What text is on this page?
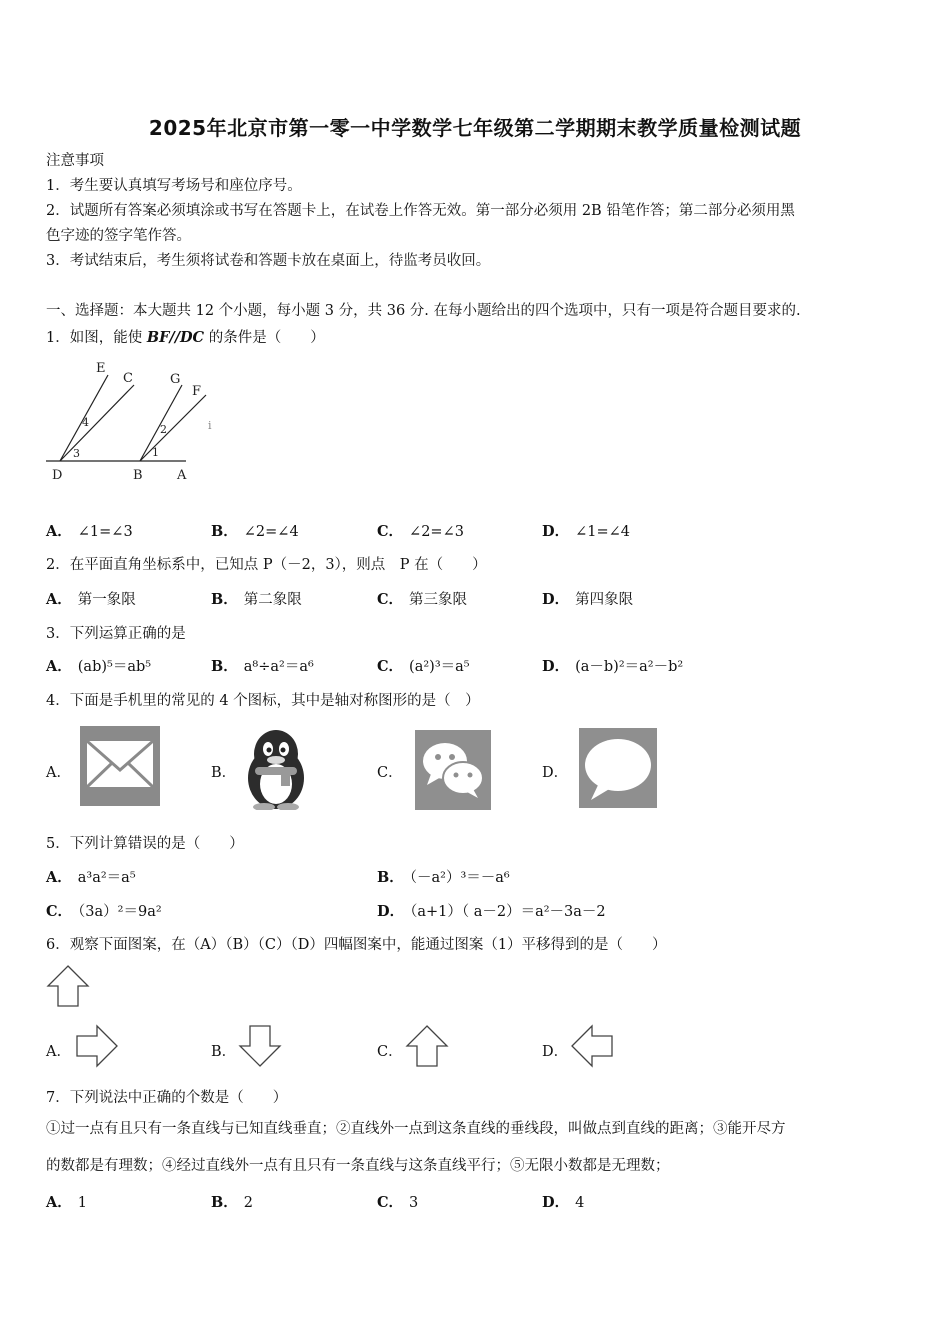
2025年北京市第一零一中学数学七年级第二学期期末教学质量检测试题
注意事项
1．考生要认真填写考场号和座位序号。
2．试题所有答案必须填涂或书写在答题卡上，在试卷上作答无效。第一部分必须用 2B 铅笔作答；第二部分必须用黑
色字迹的签字笔作答。
3．考试结束后，考生须将试卷和答题卡放在桌面上，待监考员收回。
一、选择题：本大题共 12 个小题，每小题 3 分，共 36 分. 在每小题给出的四个选项中，只有一项是符合题目要求的.
1．如图，能使 BF//DC 的条件是（　　）
E
C	G
F
4
2
3	1
D	B	A
i
A． ∠1=∠3	B． ∠2=∠4	C． ∠2=∠3	D． ∠1=∠4
2．在平面直角坐标系中，已知点 P（－2，3），则点　P 在（　　）
A． 第一象限	B． 第二象限	C． 第三象限	D． 第四象限
3．下列运算正确的是
A． (ab)⁵＝ab⁵	B． a⁸÷a²＝a⁶	C． (a²)³＝a⁵	D． (a－b)²＝a²－b²
4．下面是手机里的常见的 4 个图标，其中是轴对称图形的是（　）
A．	B．	C．	D．
5．下列计算错误的是（　　）
A． a³a²＝a⁵	B． （－a²）³＝－a⁶
C． （3a）²＝9a²	D． （a+1）（ a－2）＝a²－3a－2
6．观察下面图案，在（A）（B）（C）（D）四幅图案中，能通过图案（1）平移得到的是（　　）
A．	B．	C．	D．
7．下列说法中正确的个数是（　　）
①过一点有且只有一条直线与已知直线垂直；②直线外一点到这条直线的垂线段，叫做点到直线的距离；③能开尽方
的数都是有理数；④经过直线外一点有且只有一条直线与这条直线平行；⑤无限小数都是无理数；
A． 1	B． 2	C． 3	D． 4
